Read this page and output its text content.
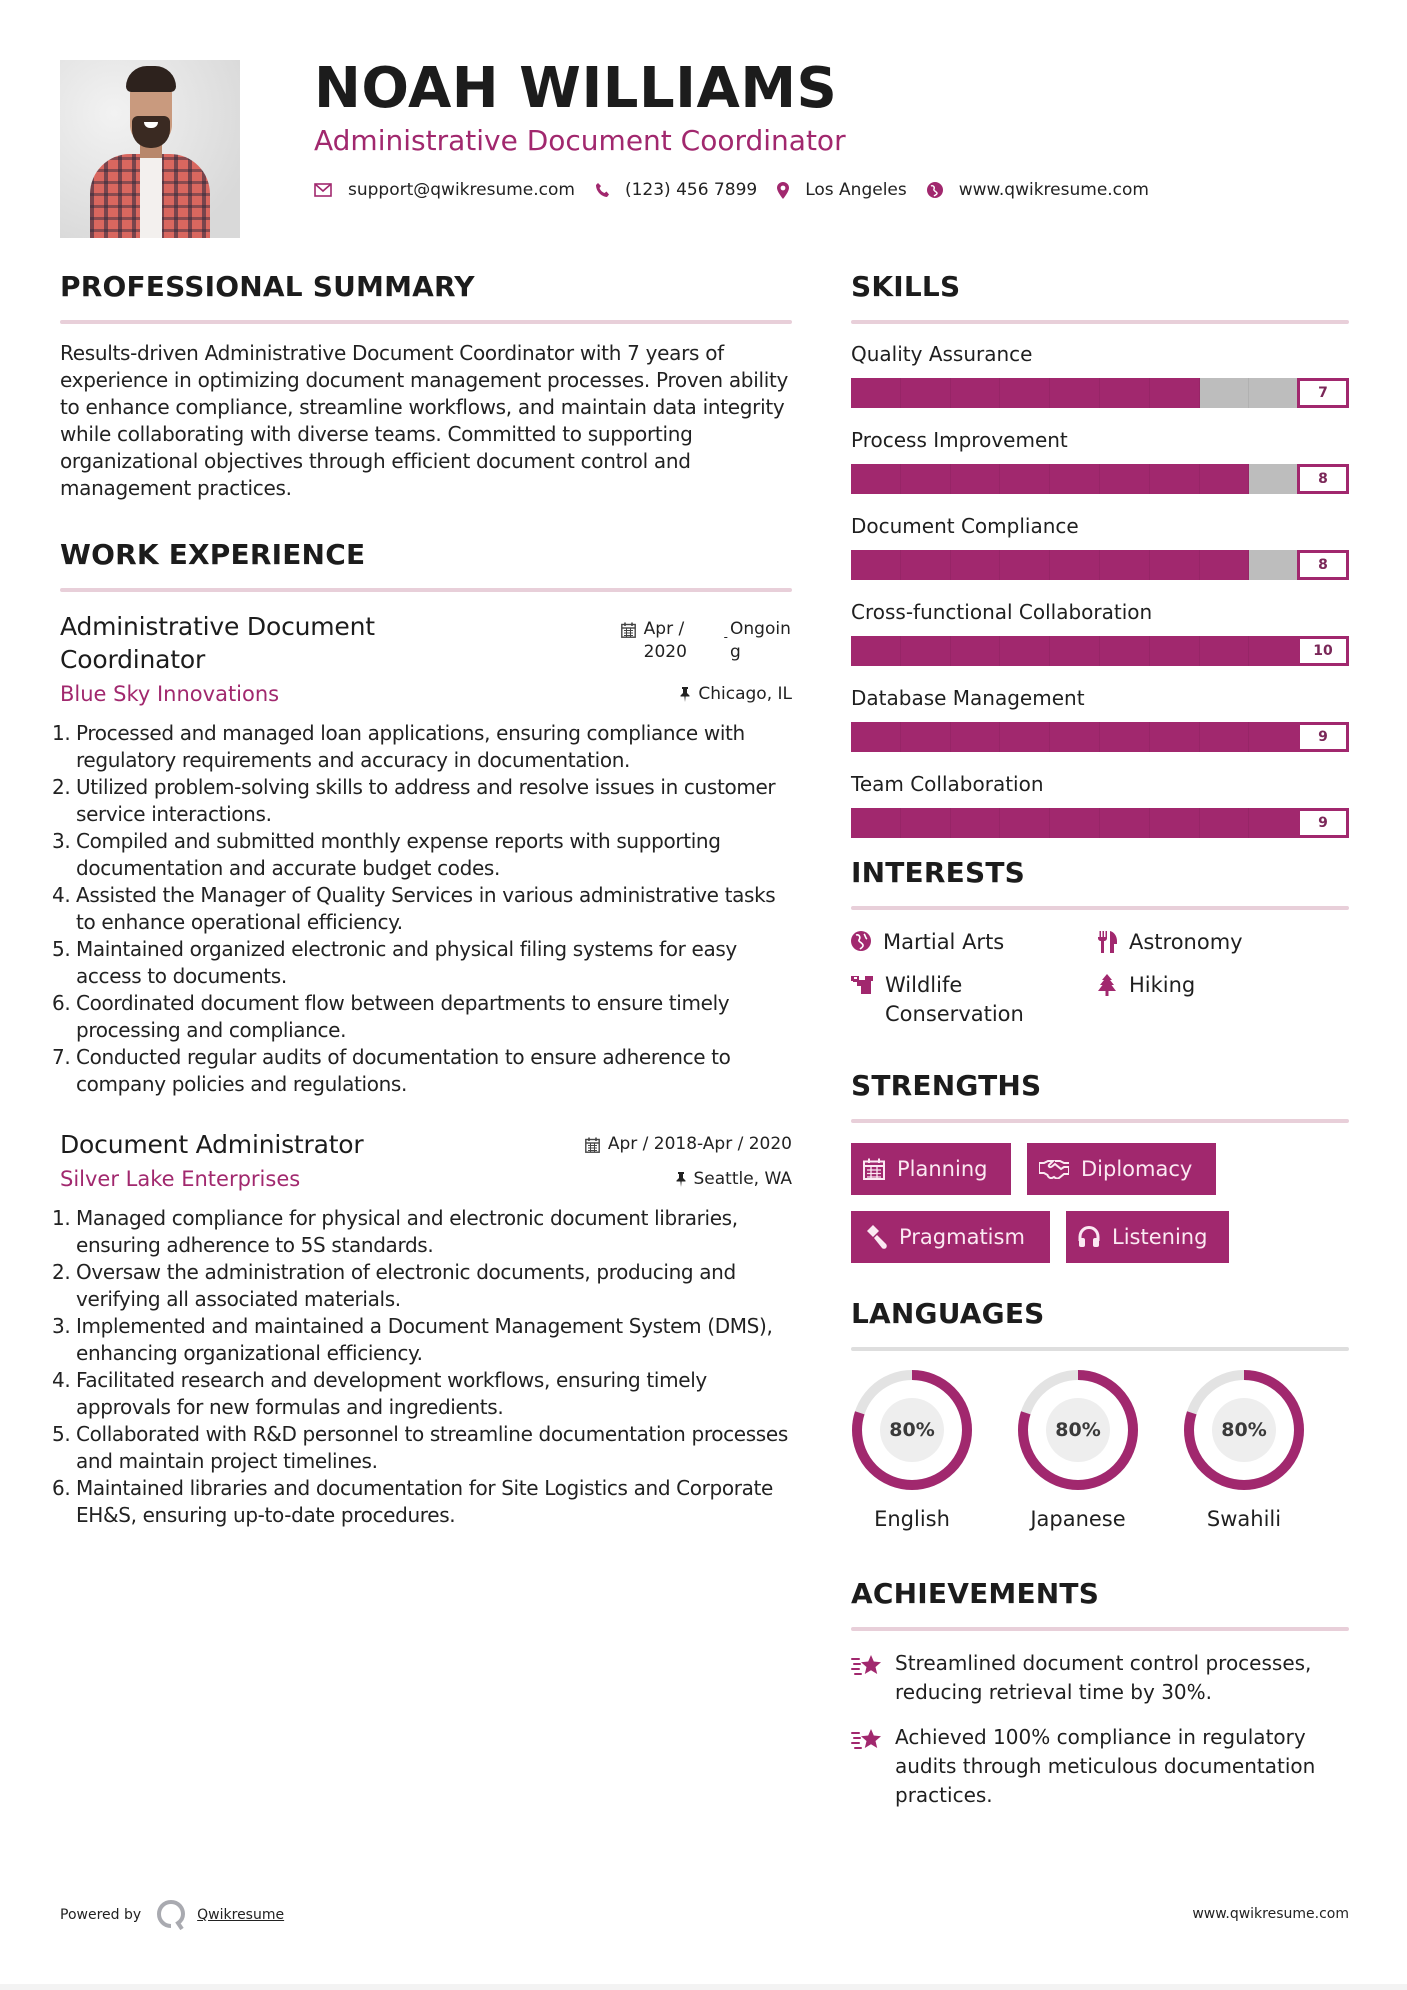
NOAH WILLIAMS
Administrative Document Coordinator
support@qwikresume.com	(123) 456 7899	Los Angeles	www.qwikresume.com
PROFESSIONAL SUMMARY

Results-driven Administrative Document Coordinator with 7 years of experience in optimizing document management processes. Proven ability to enhance compliance, streamline workflows, and maintain data integrity while collaborating with diverse teams. Committed to supporting organizational objectives through efficient document control and management practices.

WORK EXPERIENCE
Administrative Document Coordinator
Apr / 2020
- Ongoing
Blue Sky Innovations	Chicago, IL
1. Processed and managed loan applications, ensuring compliance with regulatory requirements and accuracy in documentation.
2. Utilized problem-solving skills to address and resolve issues in customer service interactions.
3. Compiled and submitted monthly expense reports with supporting documentation and accurate budget codes.
4. Assisted the Manager of Quality Services in various administrative tasks to enhance operational efficiency.
5. Maintained organized electronic and physical filing systems for easy access to documents.
6. Coordinated document flow between departments to ensure timely processing and compliance.
7. Conducted regular audits of documentation to ensure adherence to company policies and regulations.
Document Administrator	Apr / 2018-Apr / 2020
Silver Lake Enterprises	Seattle, WA
1. Managed compliance for physical and electronic document libraries, ensuring adherence to 5S standards.
2. Oversaw the administration of electronic documents, producing and verifying all associated materials.
3. Implemented and maintained a Document Management System (DMS), enhancing organizational efficiency.
4. Facilitated research and development workflows, ensuring timely approvals for new formulas and ingredients.
5. Collaborated with R&D personnel to streamline documentation processes and maintain project timelines.
6. Maintained libraries and documentation for Site Logistics and Corporate EH&S, ensuring up-to-date procedures.
SKILLS
Quality Assurance
7
Process Improvement
8
Document Compliance
8
Cross-functional Collaboration
10
Database Management
9
Team Collaboration
9
INTERESTS
Martial Arts	Astronomy
Wildlife Conservation
Hiking
STRENGTHS
Planning	Diplomacy
Pragmatism	Listening
LANGUAGES
80%
English
80%
Japanese
80%
Swahili
ACHIEVEMENTS
Streamlined document control processes, reducing retrieval time by 30%.
Achieved 100% compliance in regulatory audits through meticulous documentation practices.
Powered by	Qwikresume	www.qwikresume.com
